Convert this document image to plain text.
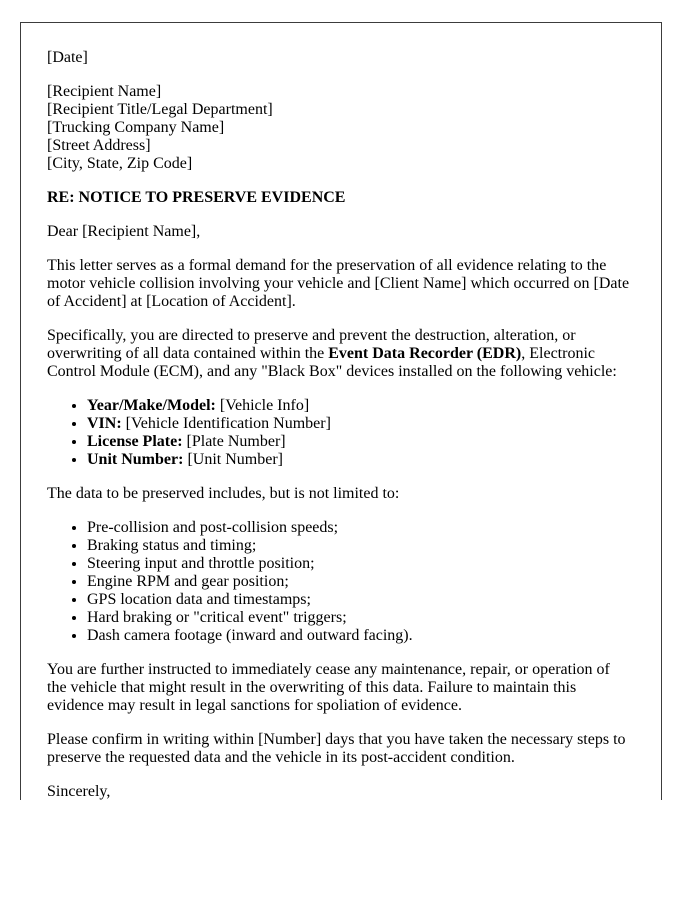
[Date]

[Recipient Name]
[Recipient Title/Legal Department]
[Trucking Company Name]
[Street Address]
[City, State, Zip Code]

RE: NOTICE TO PRESERVE EVIDENCE

Dear [Recipient Name],

This letter serves as a formal demand for the preservation of all evidence relating to the motor vehicle collision involving your vehicle and [Client Name] which occurred on [Date of Accident] at [Location of Accident].

Specifically, you are directed to preserve and prevent the destruction, alteration, or overwriting of all data contained within the Event Data Recorder (EDR), Electronic Control Module (ECM), and any "Black Box" devices installed on the following vehicle:

• Year/Make/Model: [Vehicle Info]
• VIN: [Vehicle Identification Number]
• License Plate: [Plate Number]
• Unit Number: [Unit Number]

The data to be preserved includes, but is not limited to:

• Pre-collision and post-collision speeds;
• Braking status and timing;
• Steering input and throttle position;
• Engine RPM and gear position;
• GPS location data and timestamps;
• Hard braking or "critical event" triggers;
• Dash camera footage (inward and outward facing).

You are further instructed to immediately cease any maintenance, repair, or operation of the vehicle that might result in the overwriting of this data. Failure to maintain this evidence may result in legal sanctions for spoliation of evidence.

Please confirm in writing within [Number] days that you have taken the necessary steps to preserve the requested data and the vehicle in its post-accident condition.

Sincerely,
